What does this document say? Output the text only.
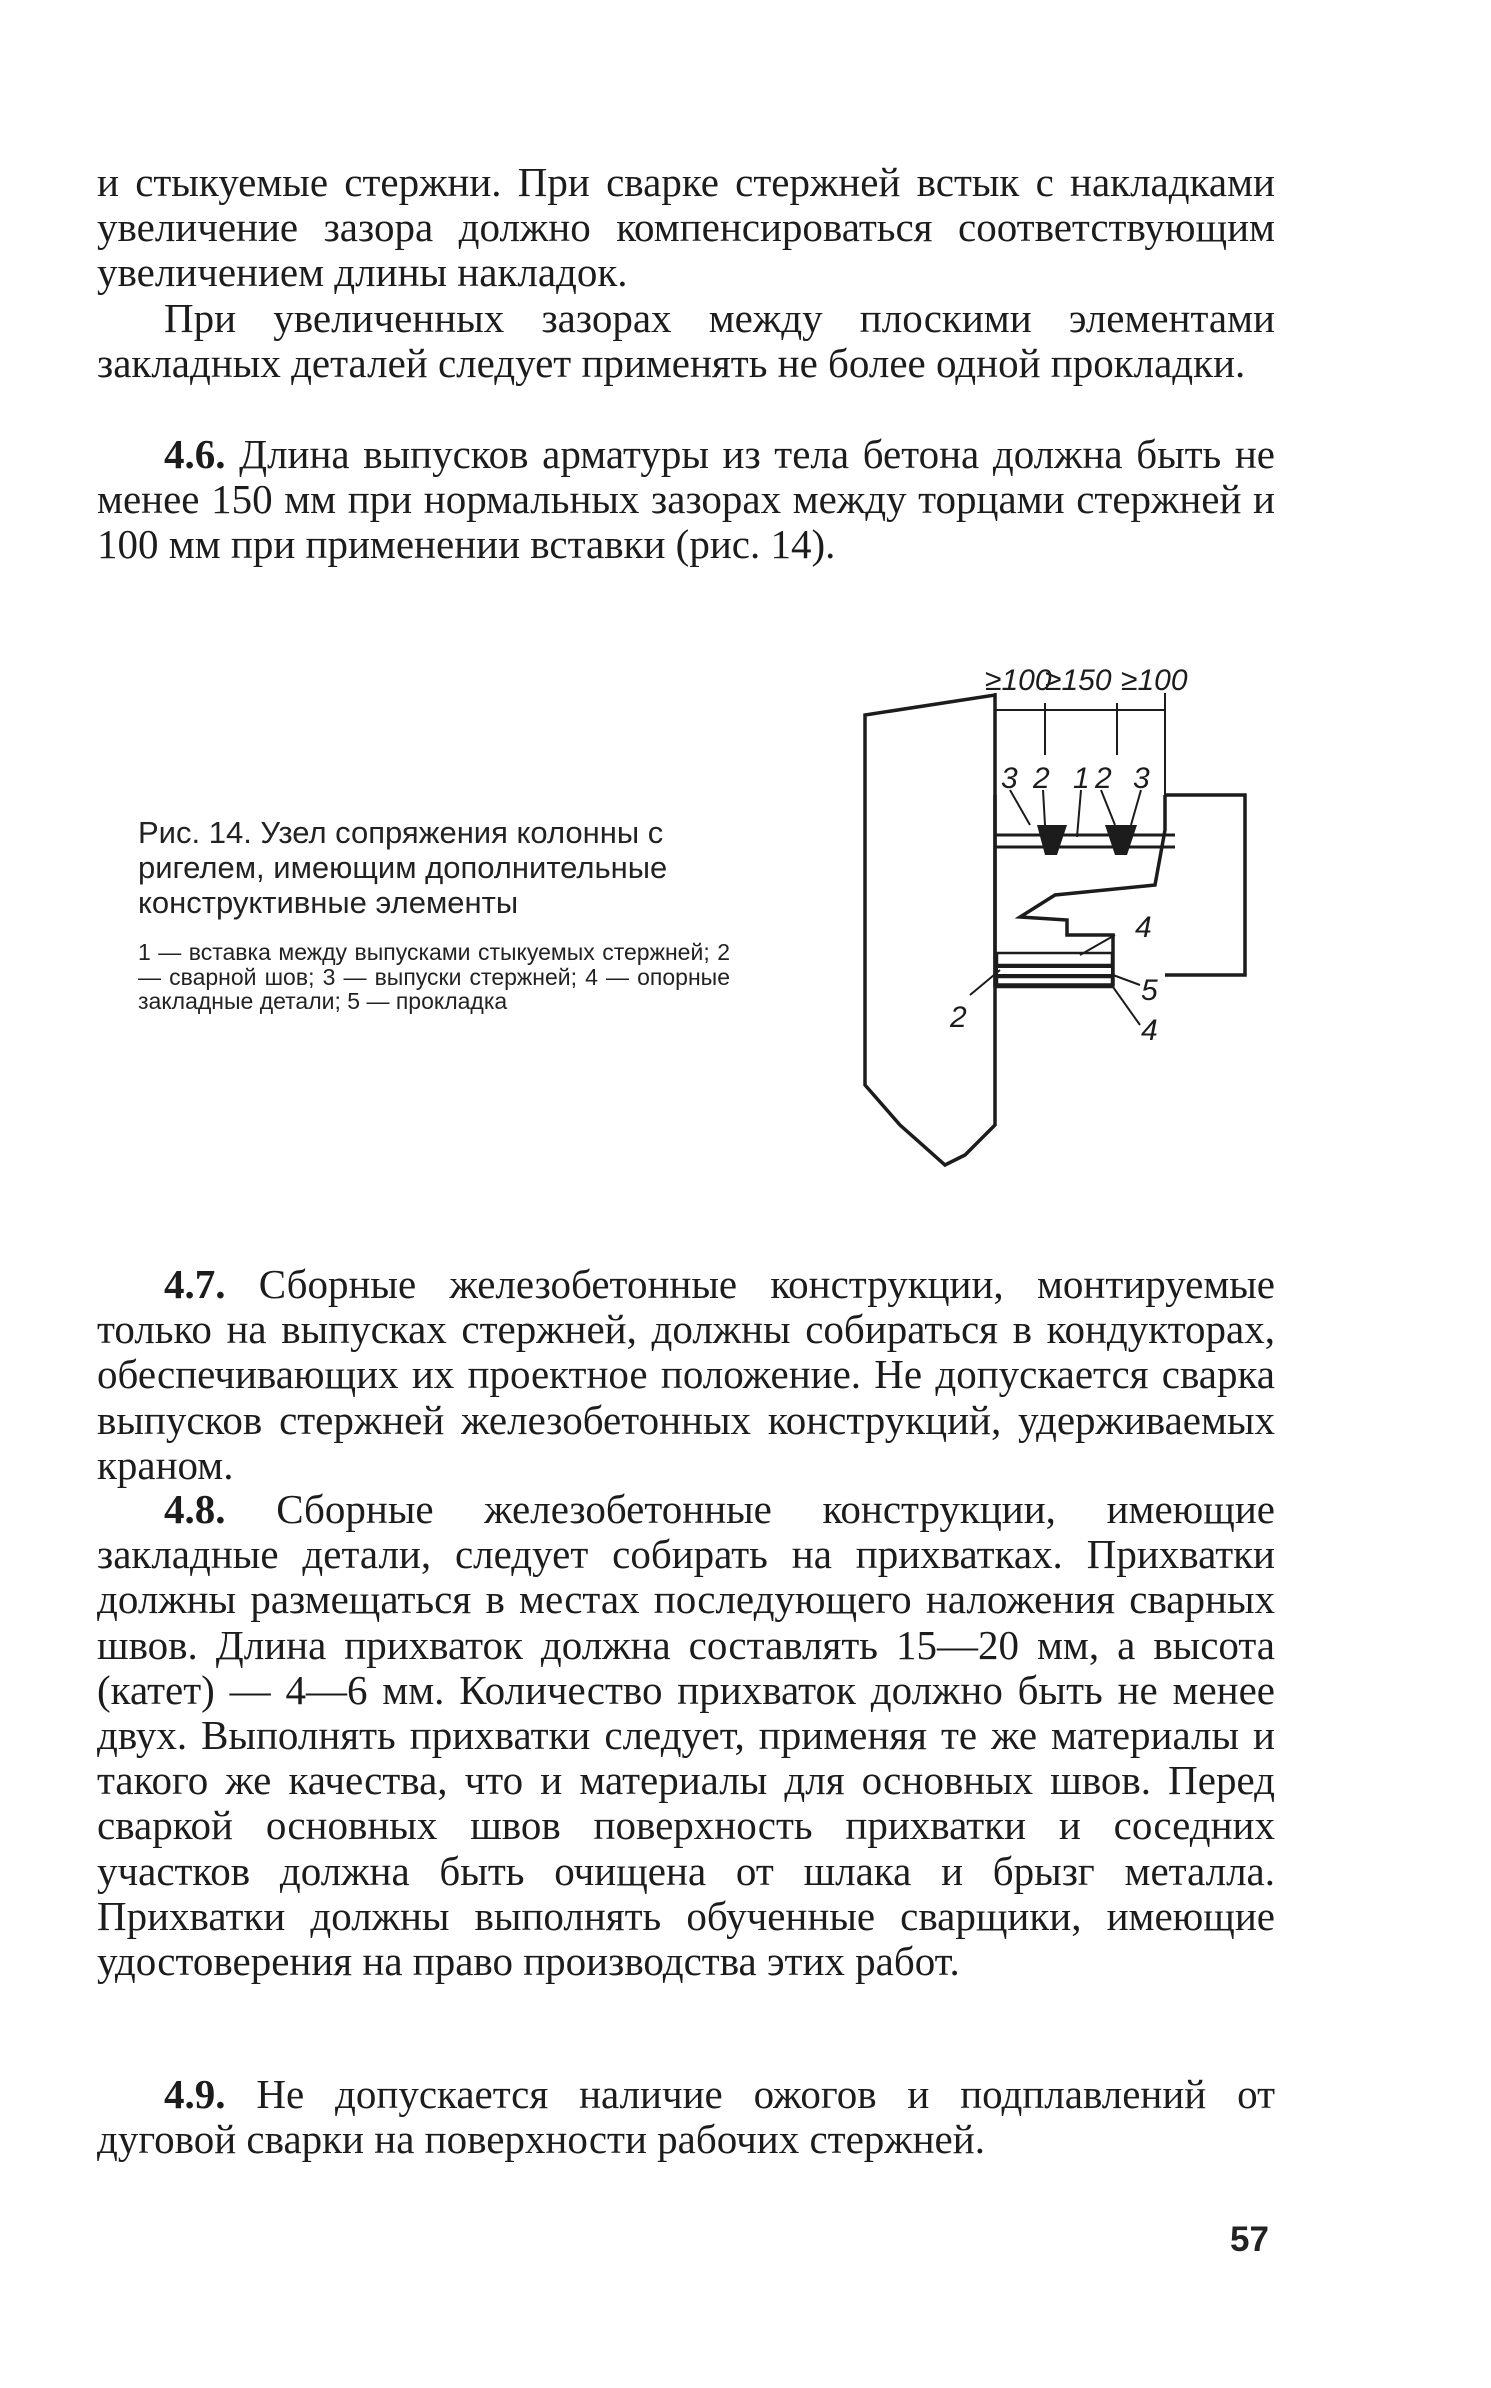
и стыкуемые стержни. При сварке стержней встык с накладками увеличение зазора должно компенсироваться соответствующим увеличением длины накладок.

При увеличенных зазорах между плоскими элементами закладных деталей следует применять не более одной прокладки.

4.6. Длина выпусков арматуры из тела бетона должна быть не менее 150 мм при нормальных зазорах между торцами стержней и 100 мм при применении вставки (рис. 14).

Рис. 14. Узел сопряжения колонны с ригелем, имеющим дополнительные конструктивные элементы

1 — вставка между выпусками стыкуемых стержней; 2 — сварной шов; 3 — выпуски стержней; 4 — опорные закладные детали; 5 — прокладка

≥100
≥150 ≥100
3 2 1 2 3
4
5
4
2

4.7. Сборные железобетонные конструкции, монтируемые только на выпусках стержней, должны собираться в кондукторах, обеспечивающих их проектное положение. Не допускается сварка выпусков стержней железобетонных конструкций, удерживаемых краном.

4.8. Сборные железобетонные конструкции, имеющие закладные детали, следует собирать на прихватках. Прихватки должны размещаться в местах последующего наложения сварных швов. Длина прихваток должна составлять 15—20 мм, а высота (катет) — 4—6 мм. Количество прихваток должно быть не менее двух. Выполнять прихватки следует, применяя те же материалы и такого же качества, что и материалы для основных швов. Перед сваркой основных швов поверхность прихватки и соседних участков должна быть очищена от шлака и брызг металла. Прихватки должны выполнять обученные сварщики, имеющие удостоверения на право производства этих работ.

4.9. Не допускается наличие ожогов и подплавлений от дуговой сварки на поверхности рабочих стержней.

57
